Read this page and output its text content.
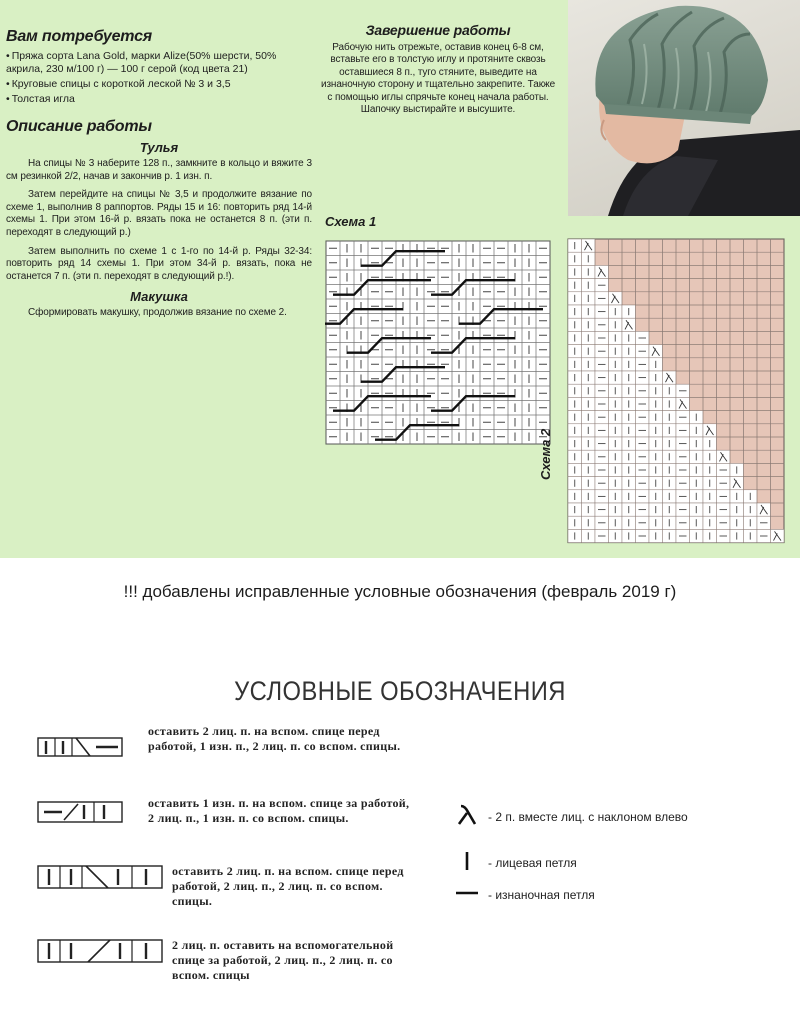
Вам потребуется
• Пряжа сорта Lana Gold, марки Alize(50% шерсти, 50% акрила, 230 м/100 г) — 100 г серой (код цвета 21)
• Круговые спицы с короткой леской № 3 и 3,5
• Толстая игла
Описание работы
Тулья

На спицы № 3 наберите 128 п., замкните в кольцо и вяжите 3 см резинкой 2/2, начав и закончив р. 1 изн. п.

Затем перейдите на спицы № 3,5 и продолжите вязание по схеме 1, выполнив 8 раппортов. Ряды 15 и 16: повторить ряд 14-й схемы 1. При этом 16-й р. вязать пока не останется 8 п. (эти п. переходят в следующий р.)

Затем выполнить по схеме 1 с 1-го по 14-й р. Ряды 32-34: повторить ряд 14 схемы 1. При этом 34-й р. вязать, пока не останется 7 п. (эти п. переходят в следующий р.!).

Макушка

Сформировать макушку, продолжив вязание по схеме 2.

Завершение работы

Рабочую нить отрежьте, оставив конец 6-8 см, вставьте его в толстую иглу и протяните сквозь оставшиеся 8 п., туго стяните, выведите на изнаночную сторону и тщательно закрепите. Также с помощью иглы спрячьте конец начала работы. Шапочку выстирайте и высушите.

Схема 1
Схема 2
!!! добавлены исправленные условные обозначения (февраль 2019 г)
УСЛОВНЫЕ ОБОЗНАЧЕНИЯ
оставить 2 лиц. п. на вспом. спице перед работой, 1 изн. п., 2 лиц. п. со вспом. спицы.
оставить 1 изн. п. на вспом. спице за работой, 2 лиц. п., 1 изн. п. со вспом. спицы.
оставить 2 лиц. п. на вспом. спице перед работой, 2 лиц. п., 2 лиц. п. со вспом. спицы.
2 лиц. п. оставить на вспомогательной спице за работой, 2 лиц. п., 2 лиц. п. со вспом. спицы
- 2 п. вместе лиц. с наклоном влево
- лицевая петля
- изнаночная петля
